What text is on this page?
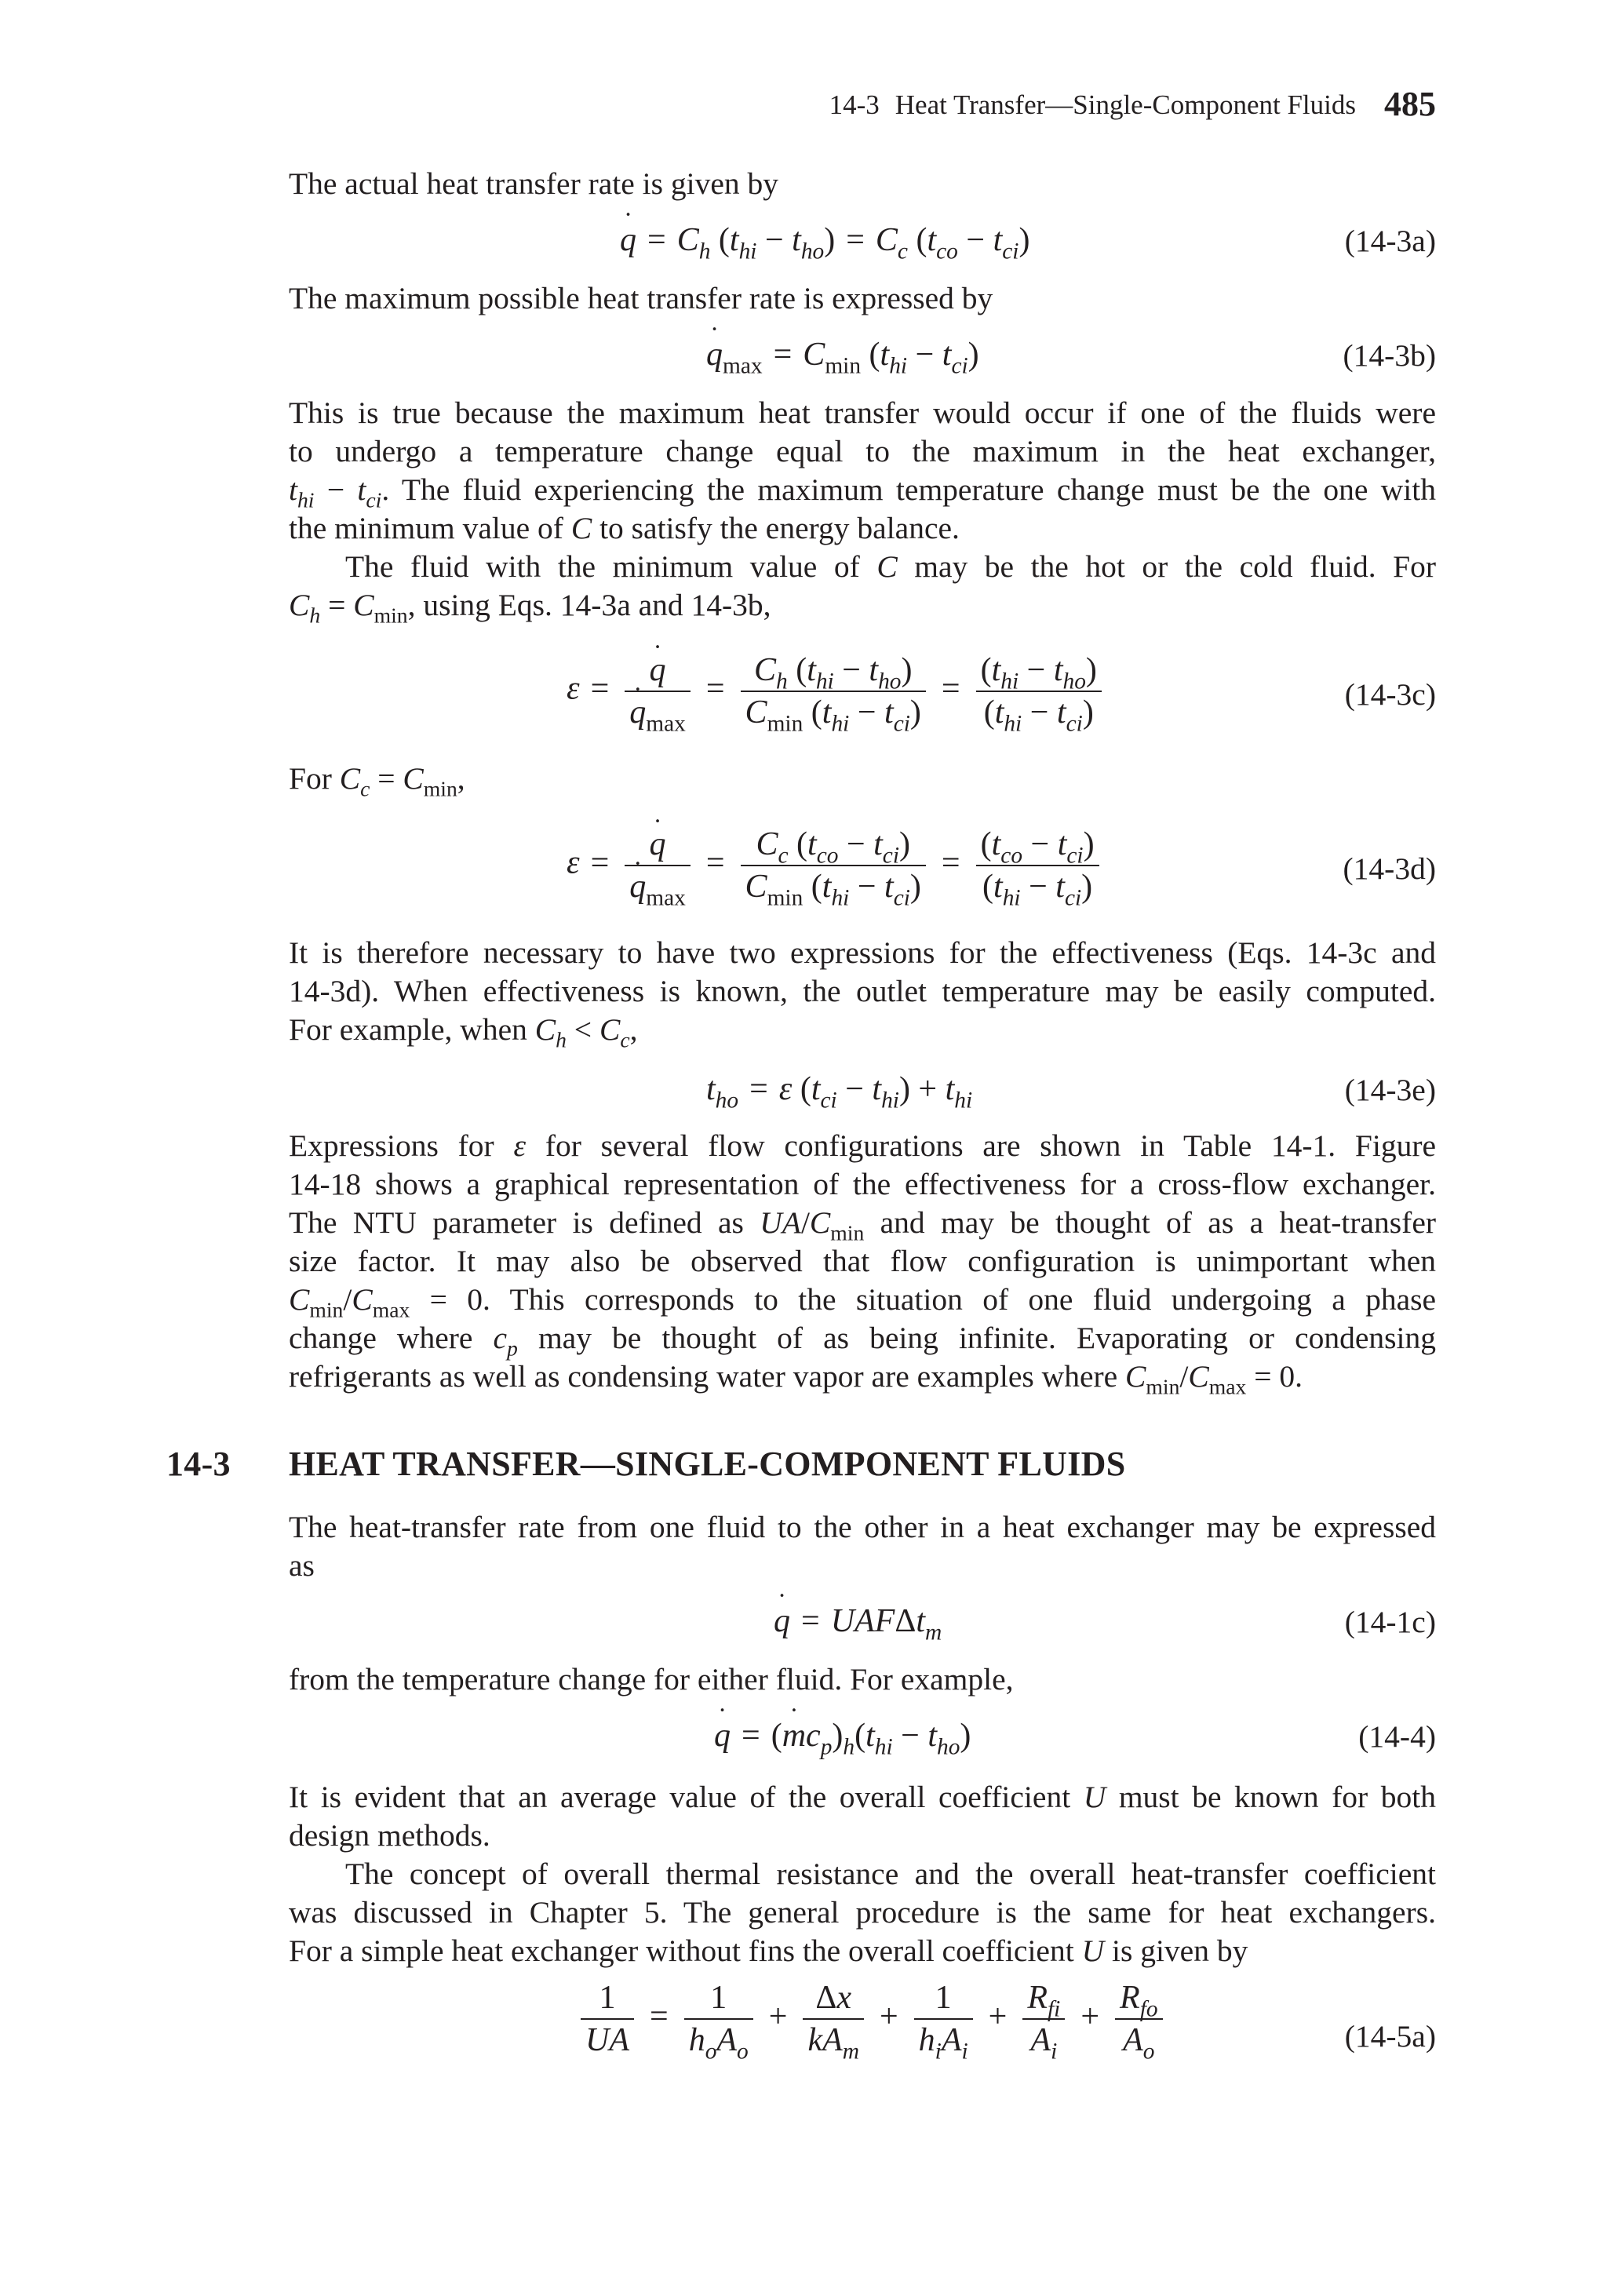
14-3 Heat Transfer—Single-Component Fluids 485

The actual heat transfer rate is given by

˙ $q = C_h$ $(t_{hi} - t_{ho}) = C_c$ $(t_{co} - t_{ci})$	(14-3a)

The maximum possible heat transfer rate is expressed by

˙ $q_{max} = C_{min}$ $(t_{hi} - t_{ci})$	(14-3b)
This is true because the maximum heat transfer would occur if one of the fluids were
to undergo a temperature change equal to the maximum in the heat exchanger,
$t_{hi} - t_{ci}$. The fluid experiencing the maximum temperature change must be the one with
the minimum value of C to satisfy the energy balance.
The fluid with the minimum value of C may be the hot or the cold fluid. For
$C_h = C_{min}$, using Eqs. 14-3a and 14-3b,
ε = ˙ q
˙ $q_{max} = \frac{C_h (t_{hi} - t_{ho})}{C_{min} (t_{hi} - t_{ci})} = \frac{(t_{hi} - t_{ho})}{(t_{hi} - t_{ci})}$	(14-3c)
For $C_c = C_{min}$,
ε = ˙ q
˙ $q_{max} = \frac{C_c (t_{co} - t_{ci})}{C_{min} (t_{hi} - t_{ci})} = \frac{(t_{co} - t_{ci})}{(t_{hi} - t_{ci})}$	(14-3d)
It is therefore necessary to have two expressions for the effectiveness (Eqs. 14-3c and
14-3d). When effectiveness is known, the outlet temperature may be easily computed.
For example, when $C_h < C_c$,
$t_{ho} = \varepsilon$ $(t_{ci} - t_{hi}) + t_{hi}$	(14-3e)
Expressions for ε for several flow configurations are shown in Table 14-1. Figure
14-18 shows a graphical representation of the effectiveness for a cross-flow exchanger.
The NTU parameter is defined as $UA/C_{min}$ and may be thought of as a heat-transfer
size factor. It may also be observed that flow configuration is unimportant when
$C_{min}/C_{max} = 0$. This corresponds to the situation of one fluid undergoing a phase
change where $c_p$ may be thought of as being infinite. Evaporating or condensing
refrigerants as well as condensing water vapor are examples where $C_{min}/C_{max} = 0$.
14-3 HEAT TRANSFER—SINGLE-COMPONENT FLUIDS
The heat-transfer rate from one fluid to the other in a heat exchanger may be expressed
as
˙ q = UAFΔt$_m$	(14-1c)

from the temperature change for either fluid. For example,

˙ q = (˙ $mc_p)_h(t_{hi} - t_{ho})$	(14-4)
It is evident that an average value of the overall coefficient U must be known for both
design methods.
The concept of overall thermal resistance and the overall heat-transfer coefficient
was discussed in Chapter 5. The general procedure is the same for heat exchangers.
For a simple heat exchanger without fins the overall coefficient U is given by
$\frac{1}{UA} = \frac{1}{h_oA_o} + \frac{\Delta x}{kA_m} + \frac{1}{h_iA_i} + \frac{R_{fi}}{A_i} + \frac{R_{fo}}{A_o}$	(14-5a)
